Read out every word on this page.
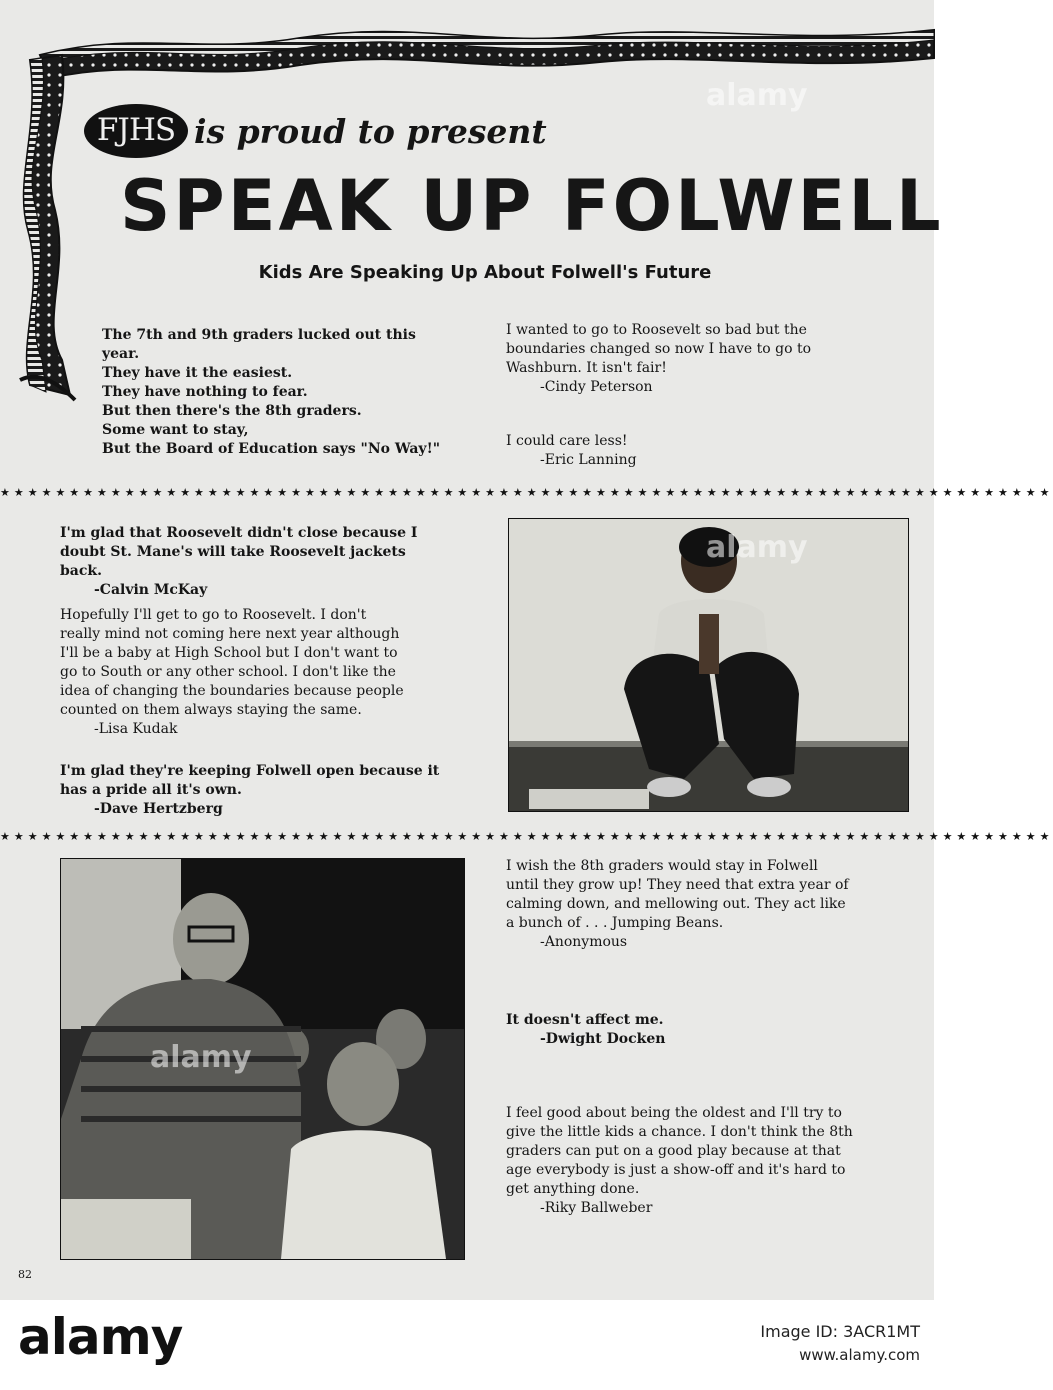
FJHS is proud to present
SPEAK UP FOLWELL
Kids Are Speaking Up About Folwell's Future
The 7th and 9th graders lucked out this
year.
They have it the easiest.
They have nothing to fear.
But then there's the 8th graders.
Some want to stay,
But the Board of Education says "No Way!"
I wanted to go to Roosevelt so bad but the
boundaries changed so now I have to go to
Washburn. It isn't fair!
-Cindy Peterson
I could care less!
-Eric Lanning
★★★★★★★★★★★★★★★★★★★★★★★★★★★★★★★★★★★★★★★★★★★★★★★★★★★★★★★★★★★★★★★★★★★★★★★★★★★★
I'm glad that Roosevelt didn't close because I
doubt St. Mane's will take Roosevelt jackets
back.
-Calvin McKay
Hopefully I'll get to go to Roosevelt. I don't
really mind not coming here next year although
I'll be a baby at High School but I don't want to
go to South or any other school. I don't like the
idea of changing the boundaries because people
counted on them always staying the same.
-Lisa Kudak
I'm glad they're keeping Folwell open because it
has a pride all it's own.
-Dave Hertzberg
★★★★★★★★★★★★★★★★★★★★★★★★★★★★★★★★★★★★★★★★★★★★★★★★★★★★★★★★★★★★★★★★★★★★★★★★★★★★
I wish the 8th graders would stay in Folwell
until they grow up! They need that extra year of
calming down, and mellowing out. They act like
a bunch of . . . Jumping Beans.
-Anonymous
It doesn't affect me.
-Dwight Docken
I feel good about being the oldest and I'll try to
give the little kids a chance. I don't think the 8th
graders can put on a good play because at that
age everybody is just a show-off and it's hard to
get anything done.
-Riky Ballweber
82
alamy
alamy
alamy
alamy	Image ID: 3ACR1MT
www.alamy.com
